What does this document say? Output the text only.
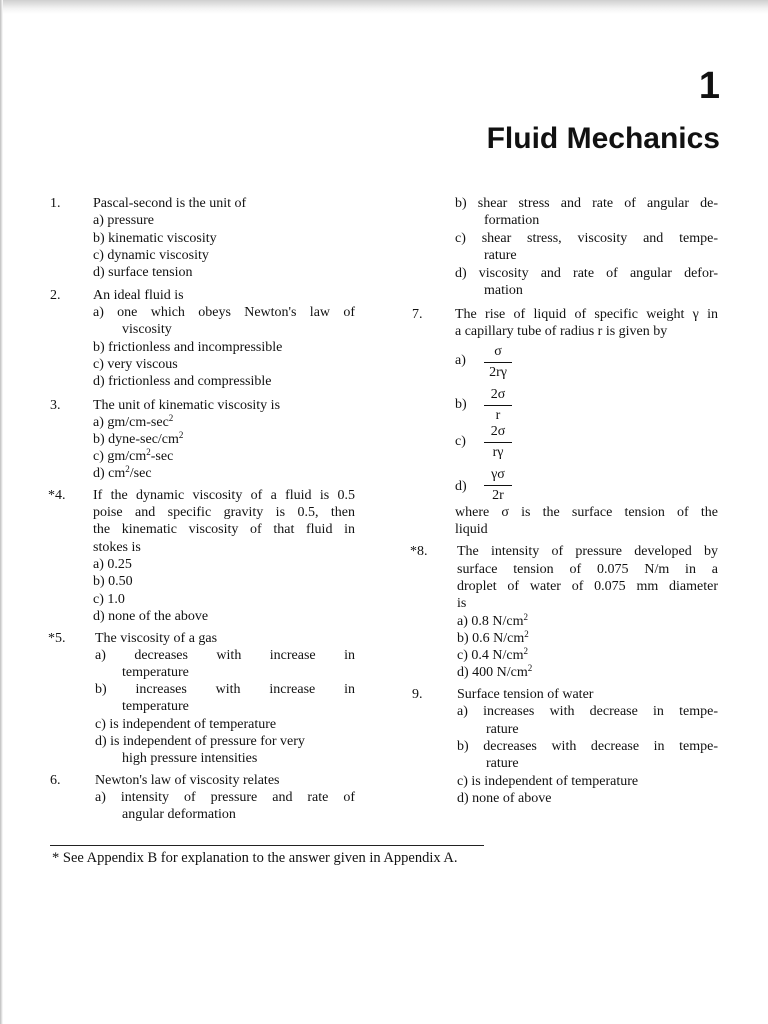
1
Fluid Mechanics
1. Pascal-second is the unit of
a) pressure
b) kinematic viscosity
c) dynamic viscosity
d) surface tension
2. An ideal fluid is
a) one which obeys Newton's law of
viscosity
b) frictionless and incompressible
c) very viscous
d) frictionless and compressible
3. The unit of kinematic viscosity is
a) $gm/cm-\sec^2$
b) dyne-$\sec/cm^2$
c) $gm/cm^2-\sec$
d) $cm^2/\sec$
*4. If the dynamic viscosity of a fluid is 0.5
poise and specific gravity is 0.5, then
the kinematic viscosity of that fluid in
stokes is
a) 0.25
b) 0.50
c) 1.0
d) none of the above
*5. The viscosity of a gas
a) decreases with increase in
temperature
b) increases with increase in
temperature
c) is independent of temperature
d) is independent of pressure for very
high pressure intensities
6. Newton's law of viscosity relates
a) intensity of pressure and rate of
angular deformation
b) shear stress and rate of angular de-
formation
c) shear stress, viscosity and tempe-
rature
d) viscosity and rate of angular defor-
mation
7. The rise of liquid of specific weight γ in
a capillary tube of radius r is given by
a)
σ
2rγ
b)
2σ
r
c)
2σ
rγ
d)
γσ
2r
where σ is the surface tension of the
liquid
*8. The intensity of pressure developed by
surface tension of 0.075 N/m in a
droplet of water of 0.075 mm diameter
is
a) 0.8 $N/cm^2$
b) 0.6 $N/cm^2$
c) 0.4 $N/cm^2$
d) 400 $N/cm^2$
9. Surface tension of water
a) increases with decrease in tempe-
rature
b) decreases with decrease in tempe-
rature
c) is independent of temperature
d) none of above
* See Appendix B for explanation to the answer given in Appendix A.
